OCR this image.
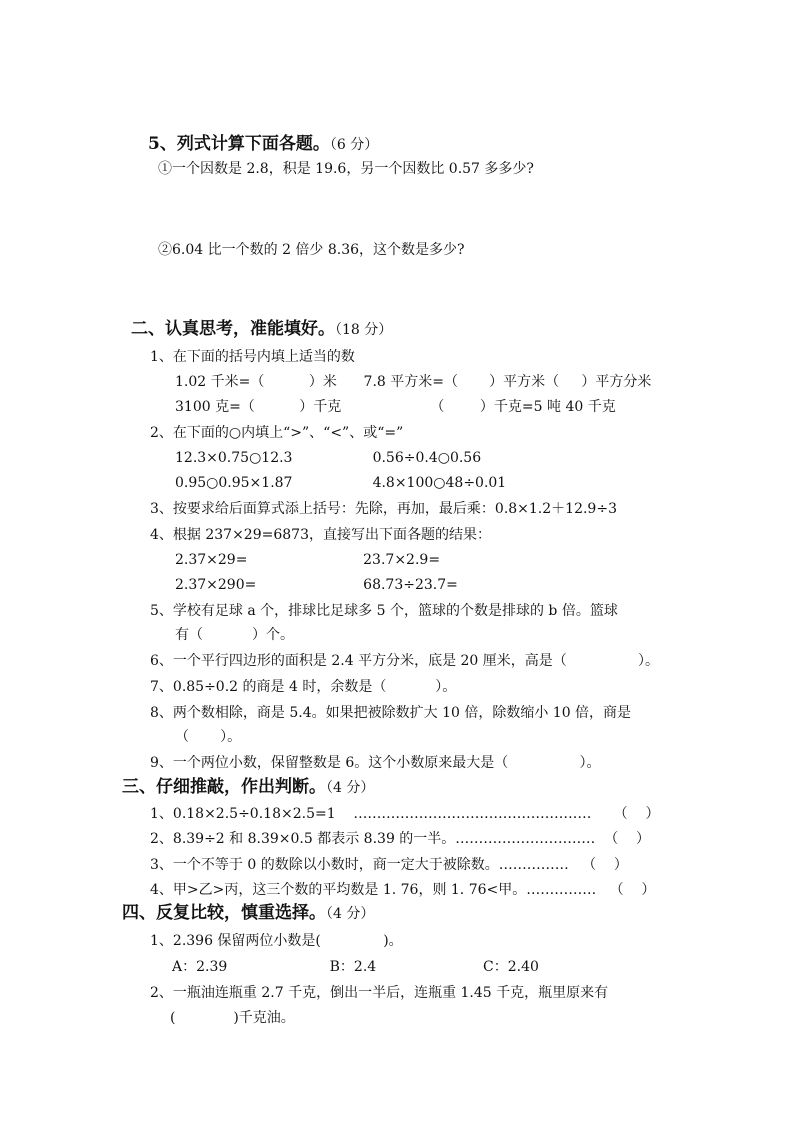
5、列式计算下面各题。（6 分）
①一个因数是 2.8，积是 19.6，另一个因数比 0.57 多多少?
②6.04 比一个数的 2 倍少 8.36，这个数是多少?
二、认真思考，准能填好。（18 分）
1、在下面的括号内填上适当的数
1.02 千米=（          ）米      7.8 平方米=（       ）平方米（     ）平方分米
3100 克=（          ）千克                    （        ）千克=5 吨 40 千克
2、在下面的○内填上“>”、“<”、或“=”
12.3×0.75○12.3                  0.56÷0.4○0.56
0.95○0.95×1.87                  4.8×100○48÷0.01
3、按要求给后面算式添上括号：先除，再加，最后乘：0.8×1.2＋12.9÷3
4、根据 237×29=6873，直接写出下面各题的结果：
2.37×29=                          23.7×2.9=
2.37×290=                        68.73÷23.7=
5、学校有足球 a 个，排球比足球多 5 个，篮球的个数是排球的 b 倍。篮球
有（           ）个。
6、一个平行四边形的面积是 2.4 平方分米，底是 20 厘米，高是（                ）。
7、0.85÷0.2 的商是 4 时，余数是（           ）。
8、两个数相除，商是 5.4。如果把被除数扩大 10 倍，除数缩小 10 倍，商是
（       ）。
9、一个两位小数，保留整数是 6。这个小数原来最大是（                ）。
三、仔细推敲，作出判断。（4 分）
1、0.18×2.5÷0.18×2.5=1    ……………………………………………     （    ）
2、8.39÷2 和 8.39×0.5 都表示 8.39 的一半。…………………………  （    ）
3、一个不等于 0 的数除以小数时，商一定大于被除数。……………   （    ）
4、甲>乙>丙，这三个数的平均数是 1. 76，则 1. 76<甲。……………   （    ）
四、反复比较，慎重选择。（4 分）
1、2.396 保留两位小数是(              )。
A：2.39                       B：2.4                        C：2.40
2、一瓶油连瓶重 2.7 千克，倒出一半后，连瓶重 1.45 千克，瓶里原来有
(             )千克油。
